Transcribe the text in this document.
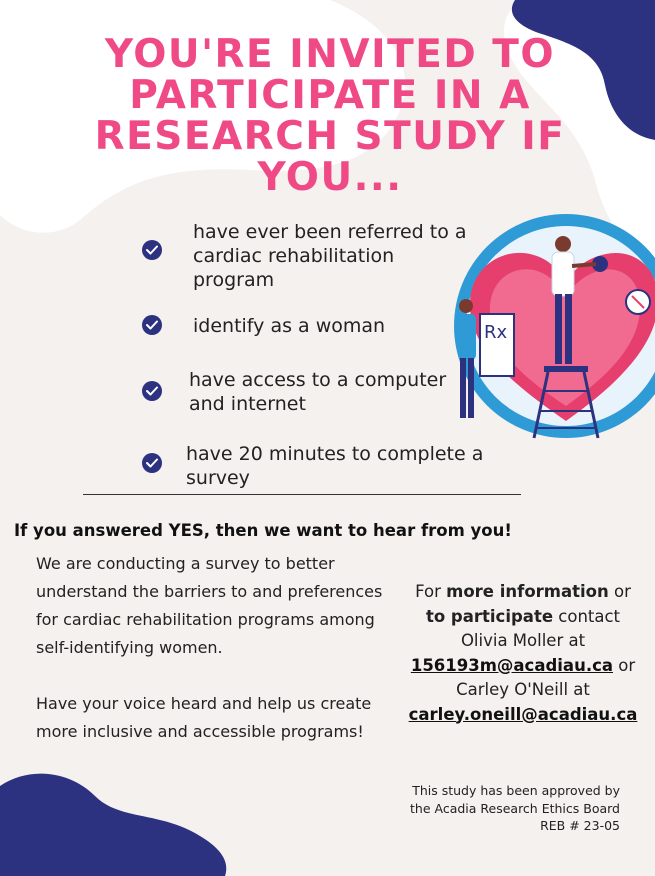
YOU'RE INVITED TO PARTICIPATE IN A RESEARCH STUDY IF YOU...
have ever been referred to a cardiac rehabilitation program
identify as a woman
have access to a computer and internet
have 20 minutes to complete a survey
Rx

If you answered YES, then we want to hear from you!

We are conducting a survey to better understand the barriers to and preferences for cardiac rehabilitation programs among self-identifying women.

Have your voice heard and help us create more inclusive and accessible programs!

For more information or
to participate contact
Olivia Moller at
156193m@acadiau.ca or
Carley O'Neill at
carley.oneill@acadiau.ca
This study has been approved by the Acadia Research Ethics Board REB # 23-05
